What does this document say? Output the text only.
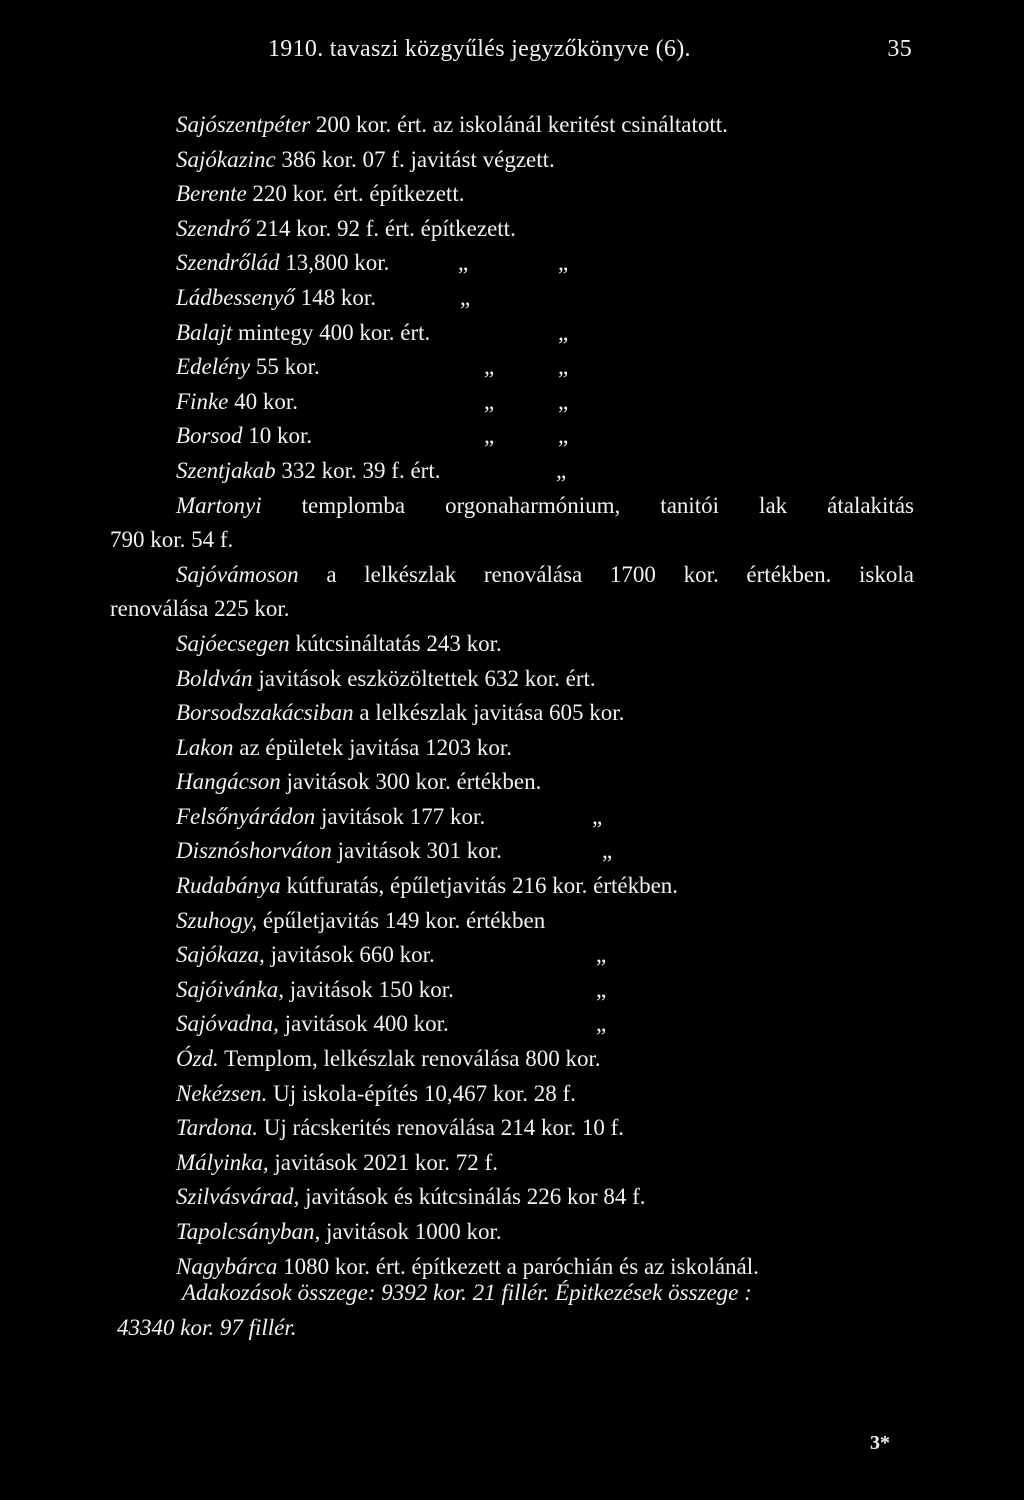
1910. tavaszi közgyűlés jegyzőkönyve (6).	35
Sajószentpéter 200 kor. ért. az iskolánál keritést csináltatott.
Sajókazinc 386 kor. 07 f. javitást végzett.
Berente 220 kor. ért. építkezett.
Szendrő 214 kor. 92 f. ért. építkezett.
Szendrőlád 13,800 kor.	„	„
Ládbessenyő 148 kor.	„
Balajt mintegy 400 kor. ért.	„
Edelény 55 kor.	„	„
Finke 40 kor.	„	„
Borsod 10 kor.	„	„
Szentjakab 332 kor. 39 f. ért.	„
Martonyi templomba orgonaharmónium, tanitói lak átalakitás
790 kor. 54 f.
Sajóvámoson a lelkészlak renoválása 1700 kor. értékben. iskola
renoválása 225 kor.
Sajóecsegen kútcsináltatás 243 kor.
Boldván javitások eszközöltettek 632 kor. ért.
Borsodszakácsiban a lelkészlak javitása 605 kor.
Lakon az épületek javitása 1203 kor.
Hangácson javitások 300 kor. értékben.
Felsőnyárádon javitások 177 kor.	„
Disznóshorváton javitások 301 kor.	„
Rudabánya kútfuratás, épűletjavitás 216 kor. értékben.
Szuhogy, épűletjavitás 149 kor. értékben
Sajókaza, javitások 660 kor.	„
Sajóivánka, javitások 150 kor.	„
Sajóvadna, javitások 400 kor.	„
Ózd. Templom, lelkészlak renoválása 800 kor.
Nekézsen. Uj iskola-építés 10,467 kor. 28 f.
Tardona. Uj rácskerités renoválása 214 kor. 10 f.
Mályinka, javitások 2021 kor. 72 f.
Szilvásvárad, javitások és kútcsinálás 226 kor 84 f.
Tapolcsányban, javitások 1000 kor.
Nagybárca 1080 kor. ért. építkezett a paróchián és az iskolánál.
Adakozások összege: 9392 kor. 21 fillér. Épitkezések összege :
43340 kor. 97 fillér.
3*
